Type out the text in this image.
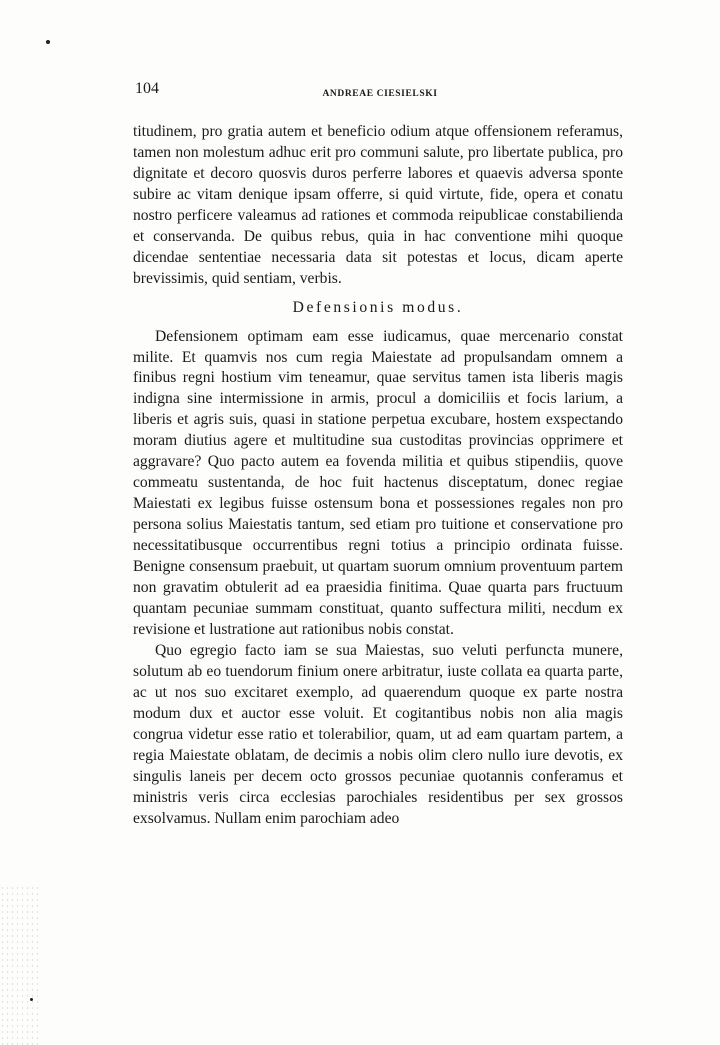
104	ANDREAE CIESIELSKI

titudinem, pro gratia autem et beneficio odium atque offensionem referamus, tamen non molestum adhuc erit pro communi salute, pro libertate publica, pro dignitate et decoro quosvis duros perferre labores et quaevis adversa sponte subire ac vitam denique ipsam offerre, si quid virtute, fide, opera et conatu nostro perficere valeamus ad rationes et commoda reipublicae constabilienda et conservanda. De quibus rebus, quia in hac conventione mihi quoque dicendae sententiae necessaria data sit potestas et locus, dicam aperte brevissimis, quid sentiam, verbis.

Defensionis modus.

Defensionem optimam eam esse iudicamus, quae mercenario constat milite. Et quamvis nos cum regia Maiestate ad propulsandam omnem a finibus regni hostium vim teneamur, quae servitus tamen ista liberis magis indigna sine intermissione in armis, procul a domiciliis et focis larium, a liberis et agris suis, quasi in statione perpetua excubare, hostem exspectando moram diutius agere et multitudine sua custoditas provincias opprimere et aggravare? Quo pacto autem ea fovenda militia et quibus stipendiis, quove commeatu sustentanda, de hoc fuit hactenus disceptatum, donec regiae Maiestati ex legibus fuisse ostensum bona et possessiones regales non pro persona solius Maiestatis tantum, sed etiam pro tuitione et conservatione pro necessitatibusque occurrentibus regni totius a principio ordinata fuisse. Benigne consensum praebuit, ut quartam suorum omnium proventuum partem non gravatim obtulerit ad ea praesidia finitima. Quae quarta pars fructuum quantam pecuniae summam constituat, quanto suffectura militi, necdum ex revisione et lustratione aut rationibus nobis constat.

Quo egregio facto iam se sua Maiestas, suo veluti perfuncta munere, solutum ab eo tuendorum finium onere arbitratur, iuste collata ea quarta parte, ac ut nos suo excitaret exemplo, ad quaerendum quoque ex parte nostra modum dux et auctor esse voluit. Et cogitantibus nobis non alia magis congrua videtur esse ratio et tolerabilior, quam, ut ad eam quartam partem, a regia Maiestate oblatam, de decimis a nobis olim clero nullo iure devotis, ex singulis laneis per decem octo grossos pecuniae quotannis conferamus et ministris veris circa ecclesias parochiales residentibus per sex grossos exsolvamus. Nullam enim parochiam adeo
